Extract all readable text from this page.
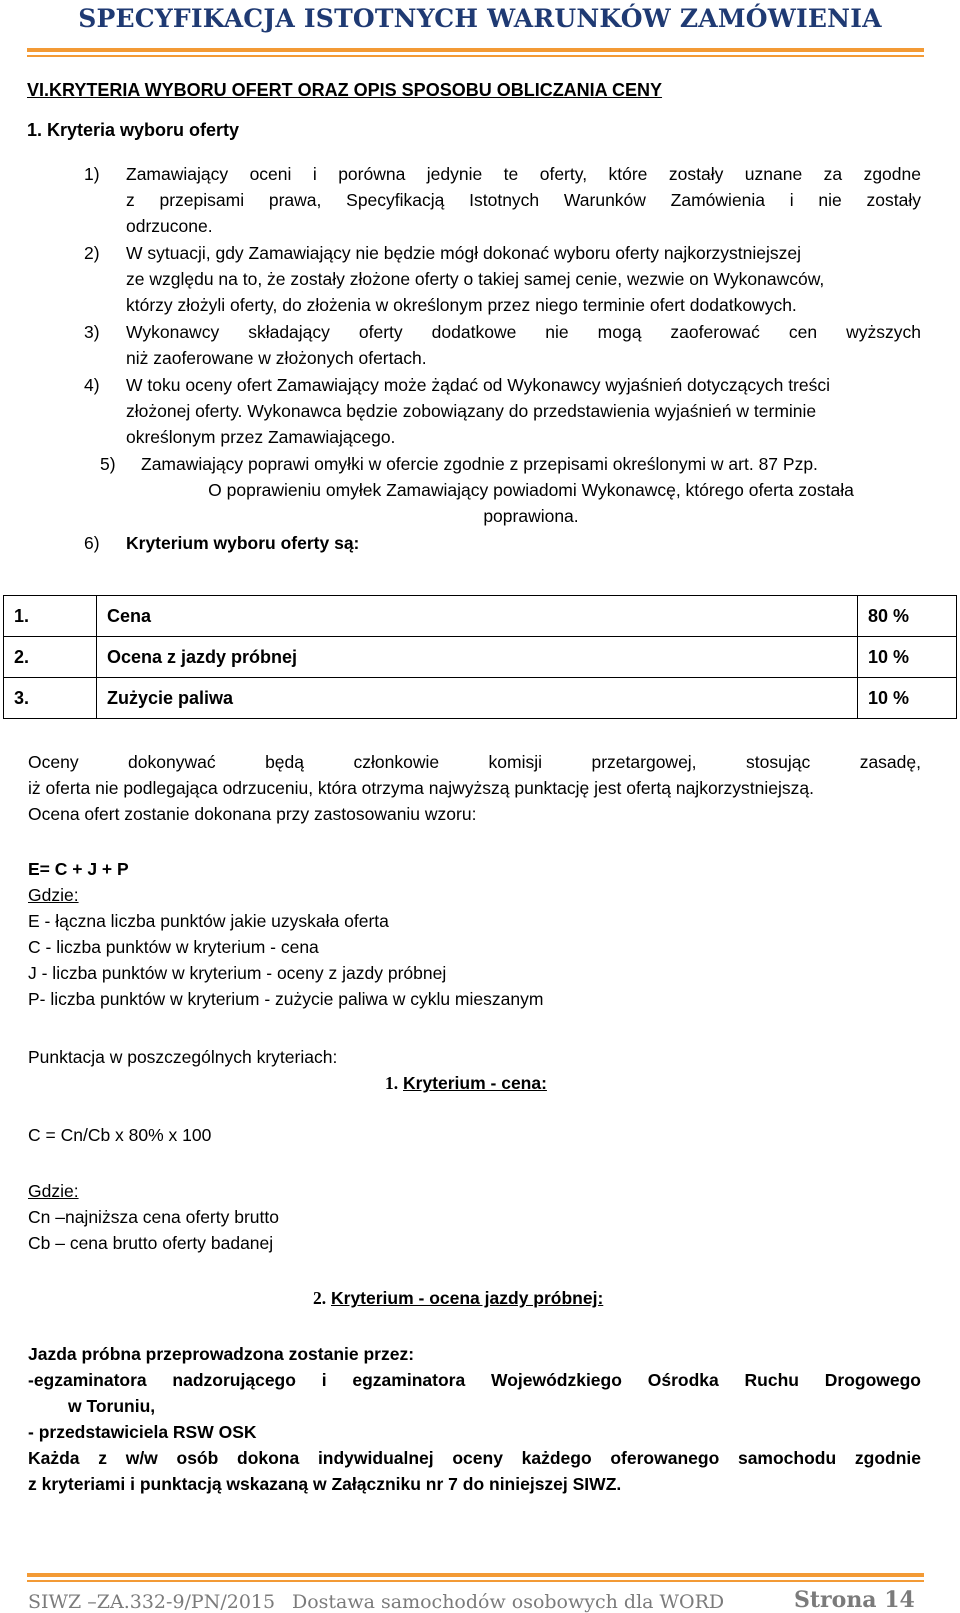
SPECYFIKACJA ISTOTNYCH WARUNKÓW ZAMÓWIENIA
VI.KRYTERIA WYBORU OFERT ORAZ OPIS SPOSOBU OBLICZANIA CENY
1. Kryteria wyboru oferty
1) Zamawiający oceni i porówna jedynie te oferty, które zostały uznane za zgodne
z przepisami prawa, Specyfikacją Istotnych Warunków Zamówienia i nie zostały
odrzucone.
2) W sytuacji, gdy Zamawiający nie będzie mógł dokonać wyboru oferty najkorzystniejszej
ze względu na to, że zostały złożone oferty o takiej samej cenie, wezwie on Wykonawców,
którzy złożyli oferty, do złożenia w określonym przez niego terminie ofert dodatkowych.
3) Wykonawcy składający oferty dodatkowe nie mogą zaoferować cen wyższych
niż zaoferowane w złożonych ofertach.
4) W toku oceny ofert Zamawiający może żądać od Wykonawcy wyjaśnień dotyczących treści
złożonej oferty. Wykonawca będzie zobowiązany do przedstawienia wyjaśnień w terminie
określonym przez Zamawiającego.
5) Zamawiający poprawi omyłki w ofercie zgodnie z przepisami określonymi w art. 87 Pzp.
O poprawieniu omyłek Zamawiający powiadomi Wykonawcę, którego oferta została
poprawiona.
6) Kryterium wyboru oferty są:
1.	Cena	80 %
2.	Ocena z jazdy próbnej	10 %
3.	Zużycie paliwa	10 %
Oceny dokonywać będą członkowie komisji przetargowej, stosując zasadę,
iż oferta nie podlegająca odrzuceniu, która otrzyma najwyższą punktację jest ofertą najkorzystniejszą.
Ocena ofert zostanie dokonana przy zastosowaniu wzoru:
E= C + J + P
Gdzie:
E - łączna liczba punktów jakie uzyskała oferta
C - liczba punktów w kryterium - cena
J - liczba punktów w kryterium - oceny z jazdy próbnej
P- liczba punktów w kryterium - zużycie paliwa w cyklu mieszanym
Punktacja w poszczególnych kryteriach:
1. Kryterium - cena:
C = Cn/Cb x 80% x 100
Gdzie:
Cn –najniższa cena oferty brutto
Cb – cena brutto oferty badanej
2. Kryterium - ocena jazdy próbnej:
Jazda próbna przeprowadzona zostanie przez:
-egzaminatora nadzorującego i egzaminatora Wojewódzkiego Ośrodka Ruchu Drogowego
w Toruniu,
- przedstawiciela RSW OSK
Każda z w/w osób dokona indywidualnej oceny każdego oferowanego samochodu zgodnie
z kryteriami i punktacją wskazaną w Załączniku nr 7 do niniejszej SIWZ.
SIWZ –ZA.332-9/PN/2015 Dostawa samochodów osobowych dla WORD	Strona 14
